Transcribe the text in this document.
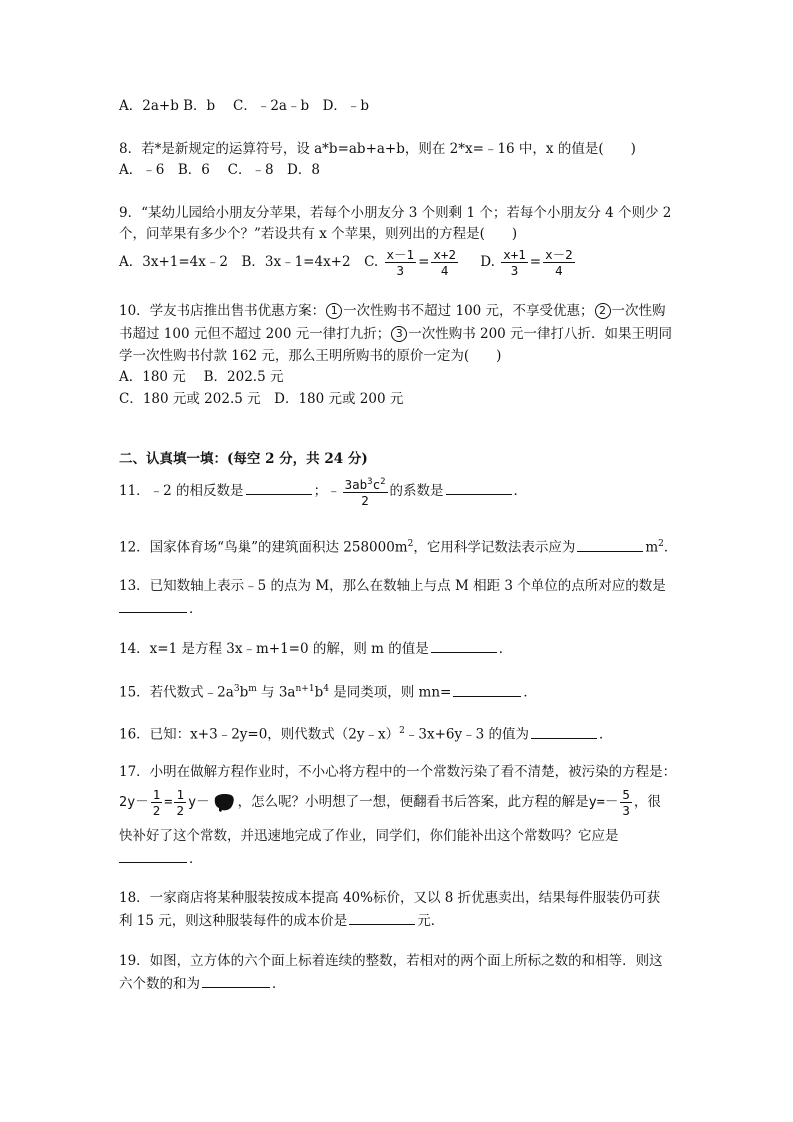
A．2a+b B．b　 C．﹣2a﹣b　D．﹣b
8．若*是新规定的运算符号，设 a*b=ab+a+b，则在 2*x=﹣16 中，x 的值是(　　)
A．﹣6　B．6　 C．﹣8　D．8
9．“某幼儿园给小朋友分苹果，若每个小朋友分 3 个则剩 1 个；若每个小朋友分 4 个则少 2
个，问苹果有多少个？”若设共有 x 个苹果，则列出的方程是(　　)
A．3x+1=4x﹣2　B．3x﹣1=4x+2　C. $\frac{x-1}{3} = \frac{x+2}{4} D$. $\frac{x+1}{3} = \frac{x-2}{4}$
10．学友书店推出售书优惠方案： 1 一次性购书不超过 100 元，不享受优惠； 2 一次性购
书超过 100 元但不超过 200 元一律打九折； 3 一次性购书 200 元一律打八折．如果王明同
学一次性购书付款 162 元，那么王明所购书的原价一定为(　　)
A．180 元　 B．202.5 元
C．180 元或 202.5 元　D．180 元或 200 元
二、认真填一填：(每空 2 分，共 24 分)
11．﹣2 的相反数是	；﹣ $\frac{3ab^3c^2}{2}$ 的系数是	．
12．国家体育场“鸟巢”的建筑面积达 $258000m^2$，它用科学记数法表示应为	$m^2$．
13．已知数轴上表示﹣5 的点为 M，那么在数轴上与点 M 相距 3 个单位的点所对应的数是
．
14．x=1 是方程 3x﹣m+1=0 的解，则 m 的值是	．
15．若代数式$﹣2a^3b^m$ 与 $3a^{n+1}b^4$ 是同类项，则 mn=	．
16．已知：x+3﹣2y=0，则代数式（2y﹣x）$^2$﹣3x+6y﹣3 的值为	．
17．小明在做解方程作业时，不小心将方程中的一个常数污染了看不清楚，被污染的方程是：
$2y- \frac{1}{2} = \frac{1}{2} y-$ ，怎么呢？小明想了一想，便翻看书后答案，此方程的解是$y=- \frac{5}{3}$ ，很
快补好了这个常数，并迅速地完成了作业，同学们，你们能补出这个常数吗？它应是
．
18．一家商店将某种服装按成本提高 40%标价，又以 8 折优惠卖出，结果每件服装仍可获
利 15 元，则这种服装每件的成本价是	元．
19．如图，立方体的六个面上标着连续的整数，若相对的两个面上所标之数的和相等．则这
六个数的和为	．
